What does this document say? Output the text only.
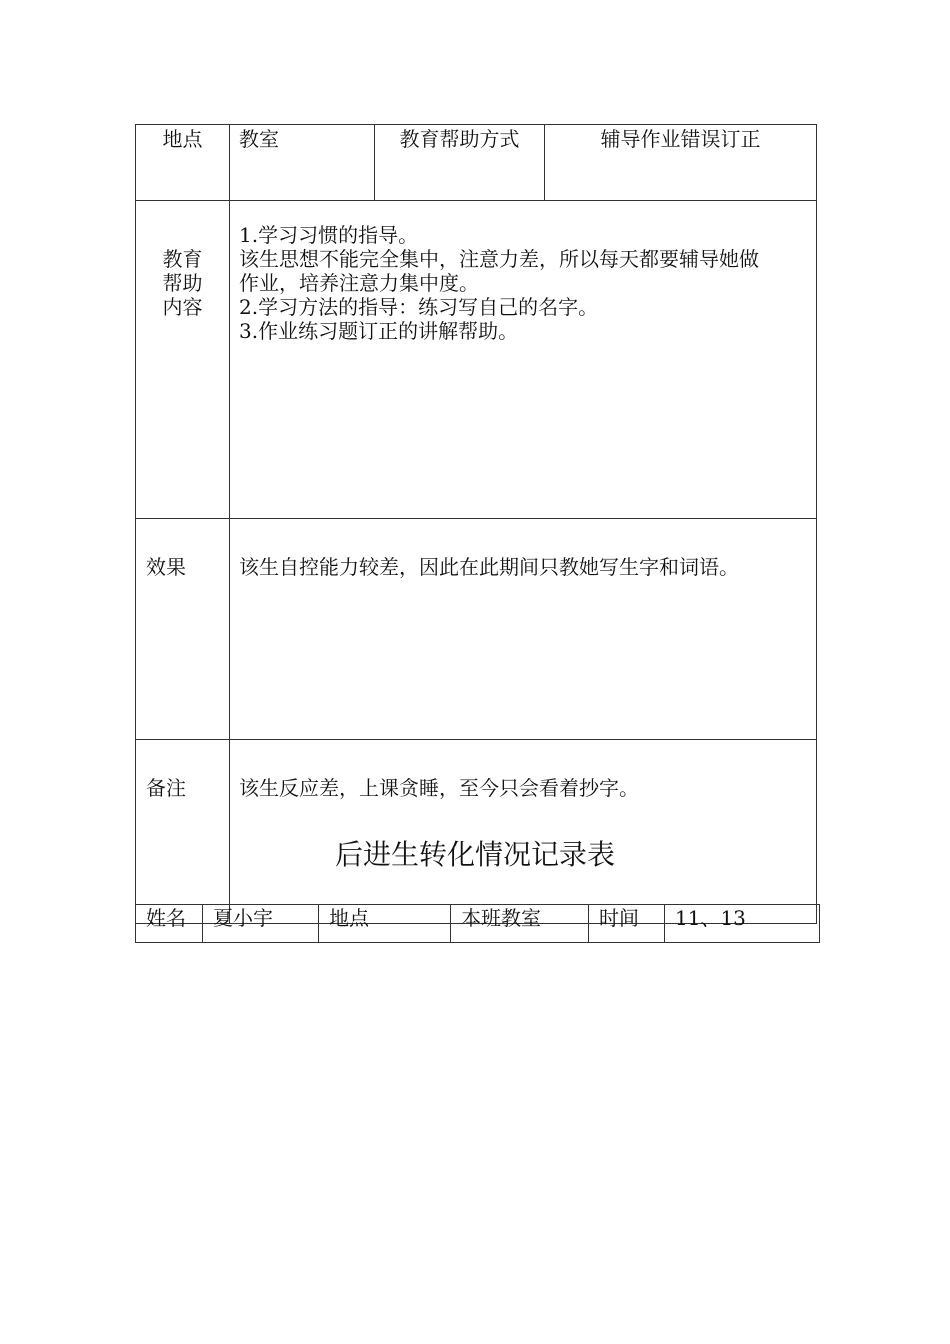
地点	教室	教育帮助方式	辅导作业错误订正

教育
帮助
内容	1.学习习惯的指导。
该生思想不能完全集中，注意力差，所以每天都要辅导她做
作业，培养注意力集中度。
2.学习方法的指导：练习写自己的名字。
3.作业练习题订正的讲解帮助。		

效果	该生自控能力较差，因此在此期间只教她写生字和词语。		
备注	该生反应差，上课贪睡，至今只会看着抄字。		
后进生转化情况记录表
姓名	夏小宇	地点	本班教室	时间	11、13
